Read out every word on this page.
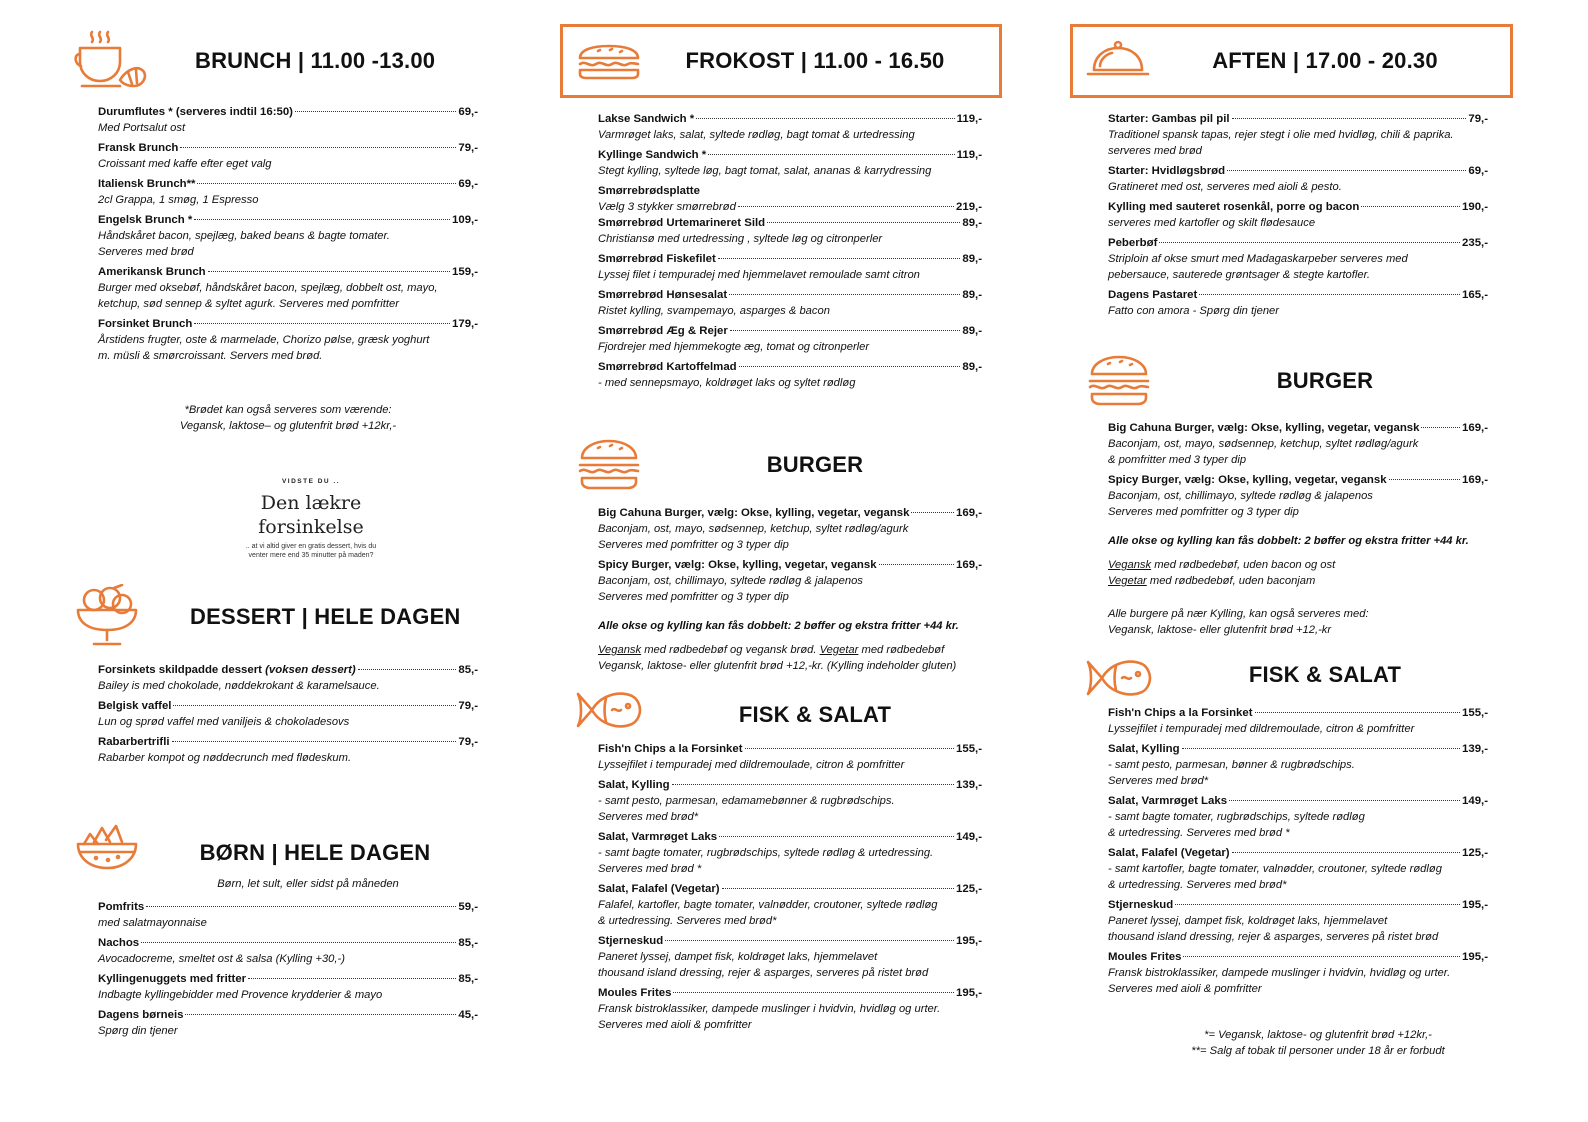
BRUNCH | 11.00 -13.00
Durumflutes * (serveres indtil 16:50)	69,-
Med Portsalut ost
Fransk Brunch	79,-
Croissant med kaffe efter eget valg
Italiensk Brunch**	69,-
2cl Grappa, 1 smøg, 1 Espresso
Engelsk Brunch *	109,-
Håndskåret bacon, spejlæg, baked beans & bagte tomater.
Serveres med brød
Amerikansk Brunch	159,-
Burger med oksebøf, håndskåret bacon, spejlæg, dobbelt ost, mayo,
ketchup, sød sennep & syltet agurk. Serveres med pomfritter
Forsinket Brunch	179,-
Årstidens frugter, oste & marmelade, Chorizo pølse, græsk yoghurt
m. müsli & smørcroissant. Servers med brød.
*Brødet kan også serveres som værende:
Vegansk, laktose– og glutenfrit brød +12kr,-
VIDSTE DU ..
Den lækre
forsinkelse
.. at vi altid giver en gratis dessert, hvis du
venter mere end 35 minutter på maden?
DESSERT | HELE DAGEN
Forsinkets skildpadde dessert (voksen dessert)	85,-
Bailey is med chokolade, nøddekrokant & karamelsauce.
Belgisk vaffel	79,-
Lun og sprød vaffel med vaniljeis & chokoladesovs
Rabarbertrifli	79,-
Rabarber kompot og nøddecrunch med flødeskum.
BØRN | HELE DAGEN
Børn, let sult, eller sidst på måneden
Pomfrits	59,-
med salatmayonnaise
Nachos	85,-
Avocadocreme, smeltet ost & salsa (Kylling +30,-)
Kyllingenuggets med fritter	85,-
Indbagte kyllingebidder med Provence krydderier & mayo
Dagens børneis	45,-
Spørg din tjener
FROKOST | 11.00 - 16.50
Lakse Sandwich *	119,-
Varmrøget laks, salat, syltede rødløg, bagt tomat & urtedressing
Kyllinge Sandwich *	119,-
Stegt kylling, syltede løg, bagt tomat, salat, ananas & karrydressing
Smørrebrødsplatte
Vælg 3 stykker smørrebrød	219,-
Smørrebrød Urtemarineret Sild	89,-
Christiansø med urtedressing , syltede løg og citronperler
Smørrebrød Fiskefilet	89,-
Lyssej filet i tempuradej med hjemmelavet remoulade samt citron
Smørrebrød Hønsesalat	89,-
Ristet kylling, svampemayo, asparges & bacon
Smørrebrød Æg & Rejer	89,-
Fjordrejer med hjemmekogte æg, tomat og citronperler
Smørrebrød Kartoffelmad	89,-
- med sennepsmayo, koldrøget laks og syltet rødløg
BURGER
Big Cahuna Burger, vælg: Okse, kylling, vegetar, vegansk	169,-
Baconjam, ost, mayo, sødsennep, ketchup, syltet rødløg/agurk
Serveres med pomfritter og 3 typer dip
Spicy Burger, vælg: Okse, kylling, vegetar, vegansk	169,-
Baconjam, ost, chillimayo, syltede rødløg & jalapenos
Serveres med pomfritter og 3 typer dip
Alle okse og kylling kan fås dobbelt: 2 bøffer og ekstra fritter +44 kr.
Vegansk med rødbedebøf og vegansk brød. Vegetar med rødbedebøf
Vegansk, laktose- eller glutenfrit brød +12,-kr. (Kylling indeholder gluten)
FISK & SALAT
Fish'n Chips a la Forsinket	155,-
Lyssejfilet i tempuradej med dildremoulade, citron & pomfritter
Salat, Kylling	139,-
- samt pesto, parmesan, edamamebønner & rugbrødschips.
Serveres med brød*
Salat, Varmrøget Laks	149,-
- samt bagte tomater, rugbrødschips, syltede rødløg & urtedressing.
Serveres med brød *
Salat, Falafel (Vegetar)	125,-
Falafel, kartofler, bagte tomater, valnødder, croutoner, syltede rødløg
& urtedressing. Serveres med brød*
Stjerneskud	195,-
Paneret lyssej, dampet fisk, koldrøget laks, hjemmelavet
thousand island dressing, rejer & asparges, serveres på ristet brød
Moules Frites	195,-
Fransk bistroklassiker, dampede muslinger i hvidvin, hvidløg og urter.
Serveres med aioli & pomfritter
AFTEN | 17.00 - 20.30
Starter: Gambas pil pil	79,-
Traditionel spansk tapas, rejer stegt i olie med hvidløg, chili & paprika.
serveres med brød
Starter: Hvidløgsbrød	69,-
Gratineret med ost, serveres med aioli & pesto.
Kylling med sauteret rosenkål, porre og bacon	190,-
serveres med kartofler og skilt flødesauce
Peberbøf	235,-
Striploin af okse smurt med Madagaskarpeber serveres med
pebersauce, sauterede grøntsager & stegte kartofler.
Dagens Pastaret	165,-
Fatto con amora - Spørg din tjener
BURGER
Big Cahuna Burger, vælg: Okse, kylling, vegetar, vegansk	169,-
Baconjam, ost, mayo, sødsennep, ketchup, syltet rødløg/agurk
& pomfritter med 3 typer dip
Spicy Burger, vælg: Okse, kylling, vegetar, vegansk	169,-
Baconjam, ost, chillimayo, syltede rødløg & jalapenos
Serveres med pomfritter og 3 typer dip
Alle okse og kylling kan fås dobbelt: 2 bøffer og ekstra fritter +44 kr.
Vegansk med rødbedebøf, uden bacon og ost
Vegetar med rødbedebøf, uden baconjam
Alle burgere på nær Kylling, kan også serveres med:
Vegansk, laktose- eller glutenfrit brød +12,-kr
FISK & SALAT
Fish'n Chips a la Forsinket	155,-
Lyssejfilet i tempuradej med dildremoulade, citron & pomfritter
Salat, Kylling	139,-
- samt pesto, parmesan, bønner & rugbrødschips.
Serveres med brød*
Salat, Varmrøget Laks	149,-
- samt bagte tomater, rugbrødschips, syltede rødløg
& urtedressing. Serveres med brød *
Salat, Falafel (Vegetar)	125,-
- samt kartofler, bagte tomater, valnødder, croutoner, syltede rødløg
& urtedressing. Serveres med brød*
Stjerneskud	195,-
Paneret lyssej, dampet fisk, koldrøget laks, hjemmelavet
thousand island dressing, rejer & asparges, serveres på ristet brød
Moules Frites	195,-
Fransk bistroklassiker, dampede muslinger i hvidvin, hvidløg og urter.
Serveres med aioli & pomfritter
*= Vegansk, laktose- og glutenfrit brød +12kr,-
**= Salg af tobak til personer under 18 år er forbudt
